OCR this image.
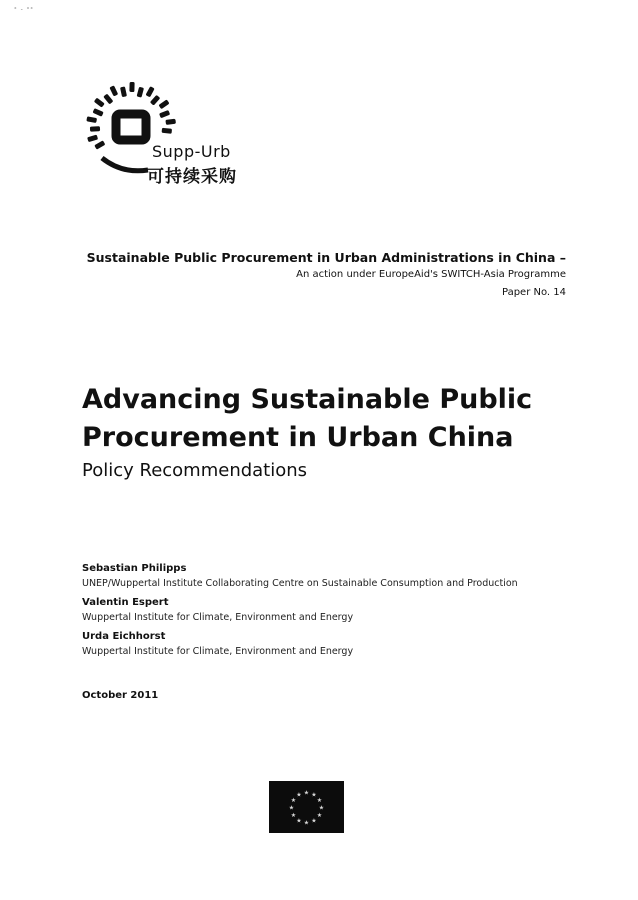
ˣ - ˣˣ
Supp-Urb
可持续采购
Sustainable Public Procurement in Urban Administrations in China –
An action under EuropeAid's SWITCH-Asia Programme
Paper No. 14
Advancing Sustainable Public
Procurement in Urban China
Policy Recommendations
Sebastian Philipps
UNEP/Wuppertal Institute Collaborating Centre on Sustainable Consumption and Production
Valentin Espert
Wuppertal Institute for Climate, Environment and Energy
Urda Eichhorst
Wuppertal Institute for Climate, Environment and Energy
October 2011
★ ★
★
★
★
★
★
★
★
★
★
★
